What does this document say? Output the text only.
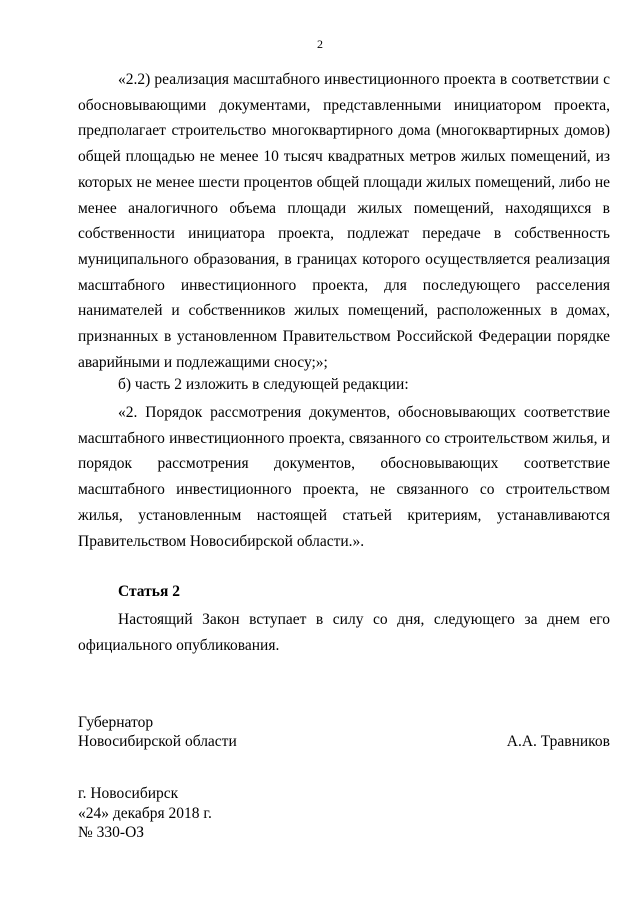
2

«2.2) реализация масштабного инвестиционного проекта в соответствии с обосновывающими документами, представленными инициатором проекта, предполагает строительство многоквартирного дома (многоквартирных домов) общей площадью не менее 10 тысяч квадратных метров жилых помещений, из которых не менее шести процентов общей площади жилых помещений, либо не менее аналогичного объема площади жилых помещений, находящихся в собственности инициатора проекта, подлежат передаче в собственность муниципального образования, в границах которого осуществляется реализация масштабного инвестиционного проекта, для последующего расселения нанимателей и собственников жилых помещений, расположенных в домах, признанных в установленном Правительством Российской Федерации порядке аварийными и подлежащими сносу;»;

б) часть 2 изложить в следующей редакции:

«2. Порядок рассмотрения документов, обосновывающих соответствие масштабного инвестиционного проекта, связанного со строительством жилья, и порядок рассмотрения документов, обосновывающих соответствие масштабного инвестиционного проекта, не связанного со строительством жилья, установленным настоящей статьей критериям, устанавливаются Правительством Новосибирской области.».

Статья 2

Настоящий Закон вступает в силу со дня, следующего за днем его официального опубликования.

Губернатор
Новосибирской области	А.А. Травников
г. Новосибирск
«24» декабря 2018 г.
№ 330-ОЗ
